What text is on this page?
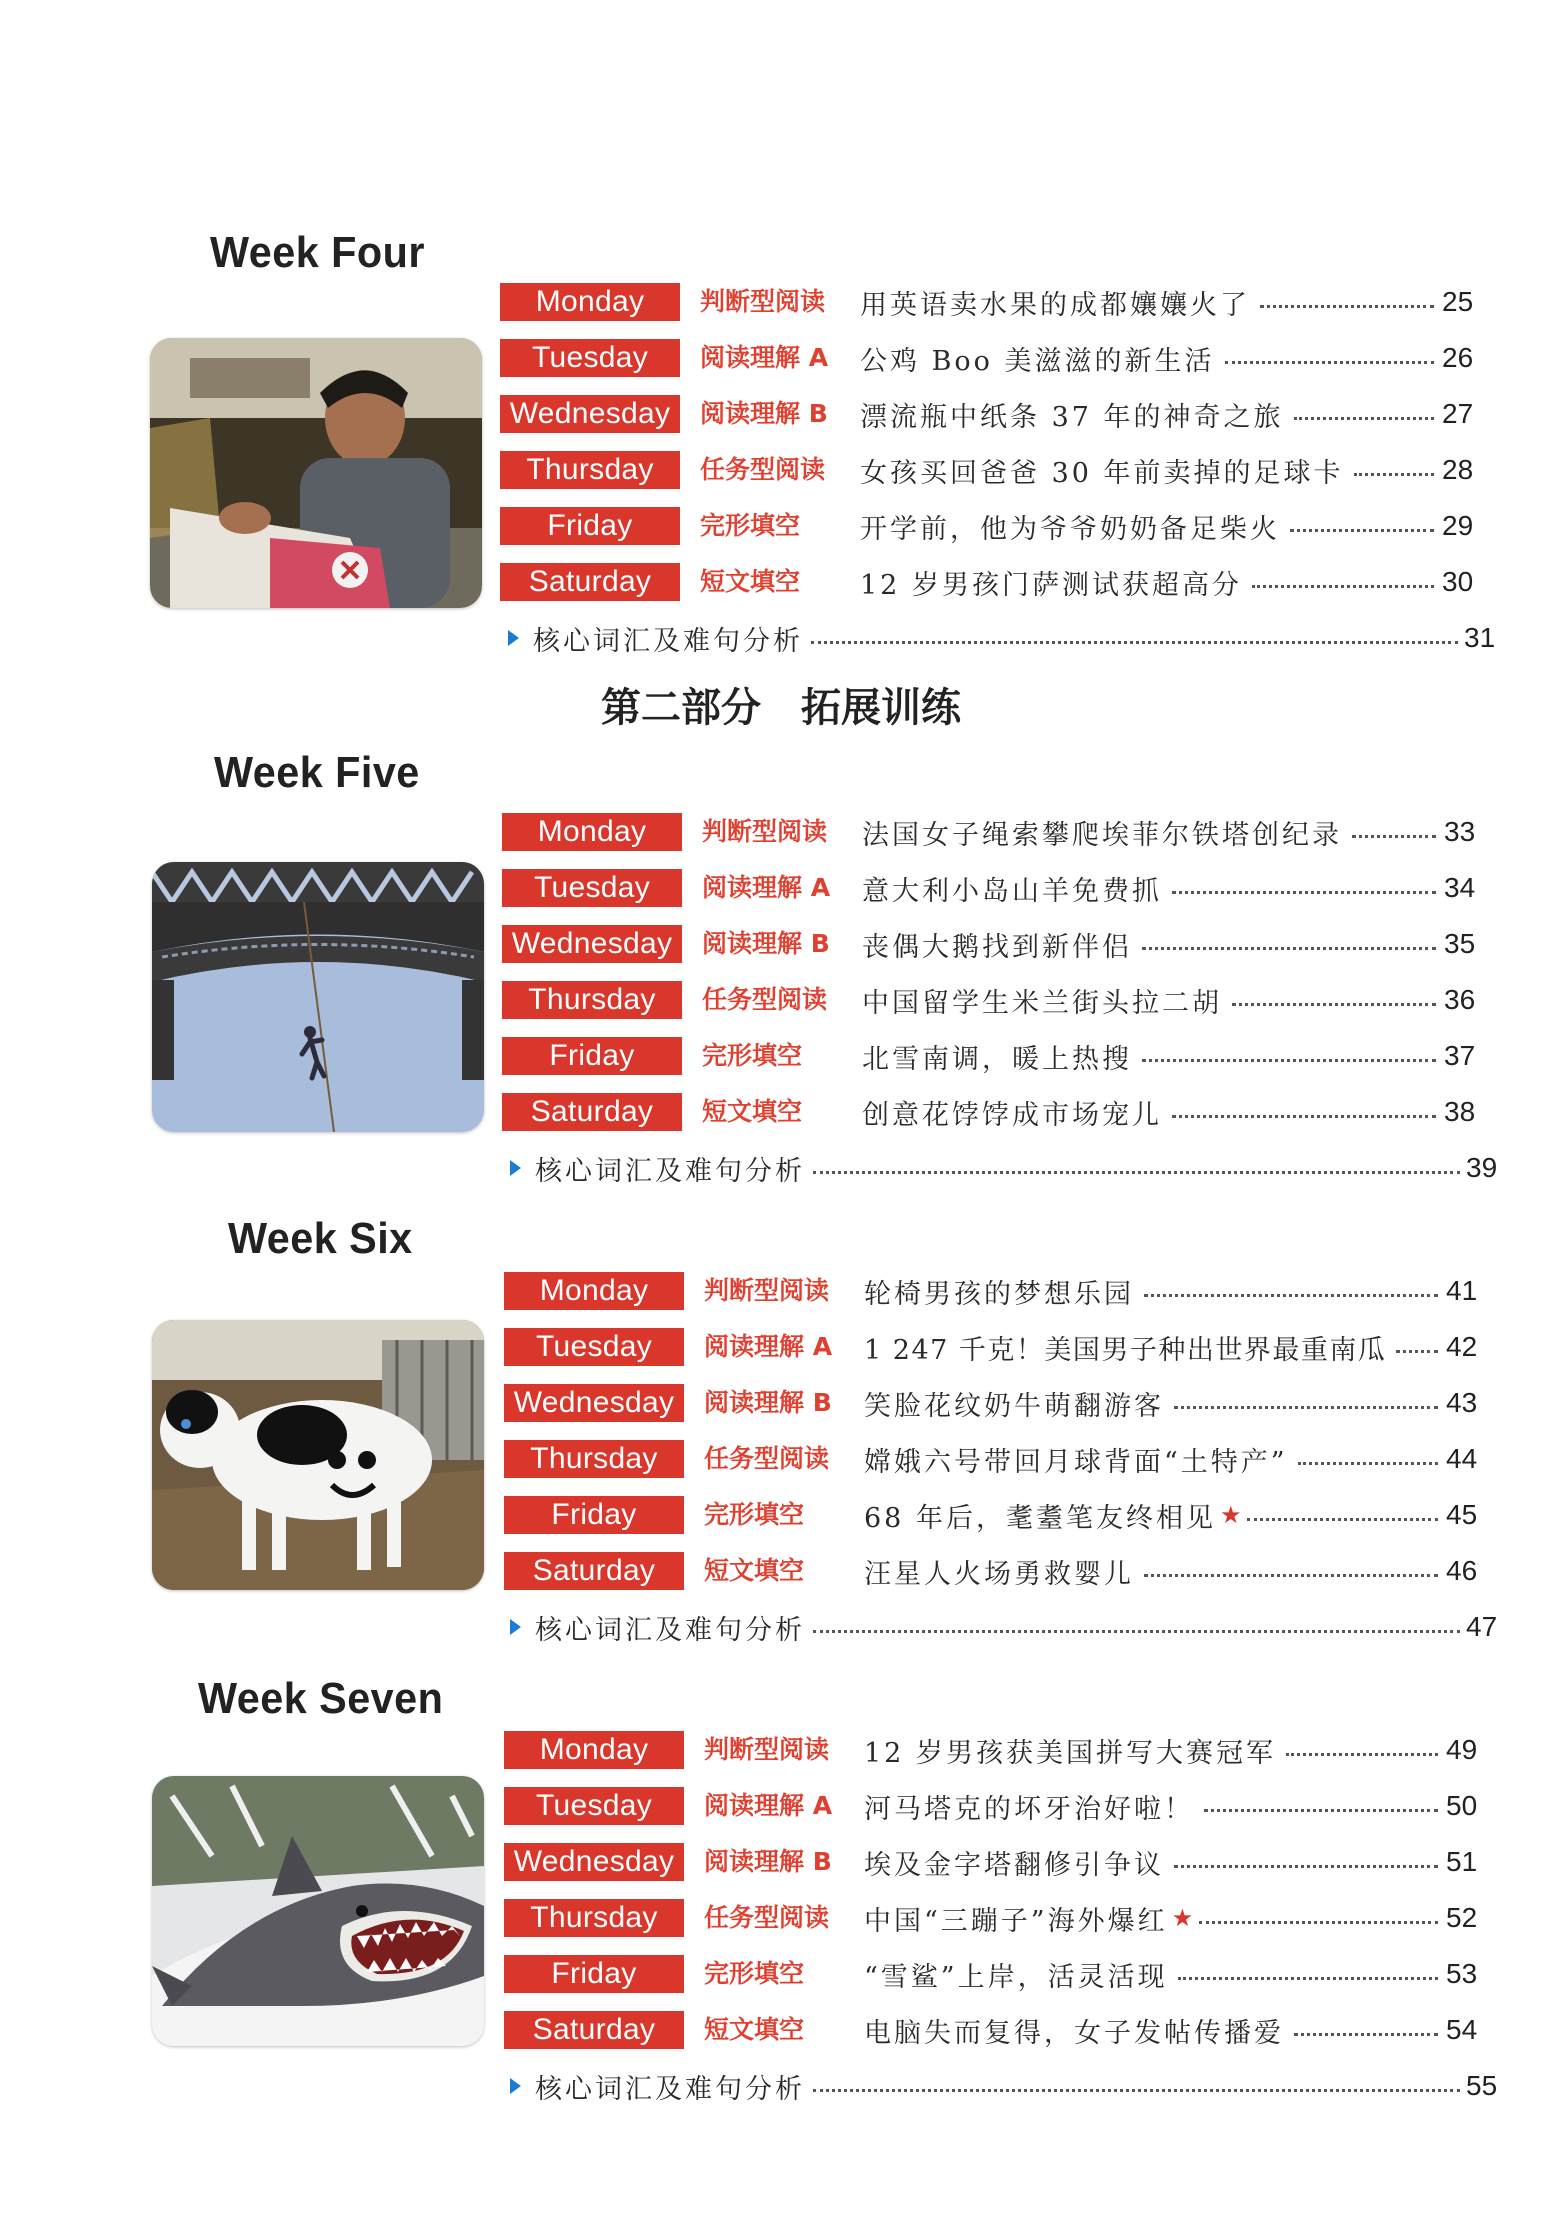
Week Four
Week Five
第二部分　拓展训练
Week Six
Week Seven
Monday	判断型阅读 用英语卖水果的成都孃孃火了	25
Tuesday	阅读理解 A 公鸡 Boo 美滋滋的新生活	26
Wednesday	阅读理解 B 漂流瓶中纸条 37 年的神奇之旅	27
Thursday	任务型阅读 女孩买回爸爸 30 年前卖掉的足球卡	28
Friday	完形填空 开学前，他为爷爷奶奶备足柴火	29
Saturday	短文填空 12 岁男孩门萨测试获超高分	30
核心词汇及难句分析	31
Monday	判断型阅读 法国女子绳索攀爬埃菲尔铁塔创纪录	33
Tuesday	阅读理解 A 意大利小岛山羊免费抓	34
Wednesday	阅读理解 B 丧偶大鹅找到新伴侣	35
Thursday	任务型阅读 中国留学生米兰街头拉二胡	36
Friday	完形填空 北雪南调，暖上热搜	37
Saturday	短文填空 创意花饽饽成市场宠儿	38
核心词汇及难句分析	39
Monday	判断型阅读 轮椅男孩的梦想乐园	41
Tuesday	阅读理解 A 1 247 千克！美国男子种出世界最重南瓜 42
Wednesday	阅读理解 B 笑脸花纹奶牛萌翻游客	43
Thursday	任务型阅读 嫦娥六号带回月球背面“土特产”	44
Friday	完形填空 68 年后，耄耋笔友终相见 ★	45
Saturday	短文填空 汪星人火场勇救婴儿	46
核心词汇及难句分析	47
Monday	判断型阅读 12 岁男孩获美国拼写大赛冠军	49
Tuesday	阅读理解 A 河马塔克的坏牙治好啦！	50
Wednesday	阅读理解 B 埃及金字塔翻修引争议	51
Thursday	任务型阅读 中国“三蹦子”海外爆红 ★	52
Friday	完形填空 “雪鲨”上岸，活灵活现	53
Saturday	短文填空 电脑失而复得，女子发帖传播爱	54
核心词汇及难句分析	55
